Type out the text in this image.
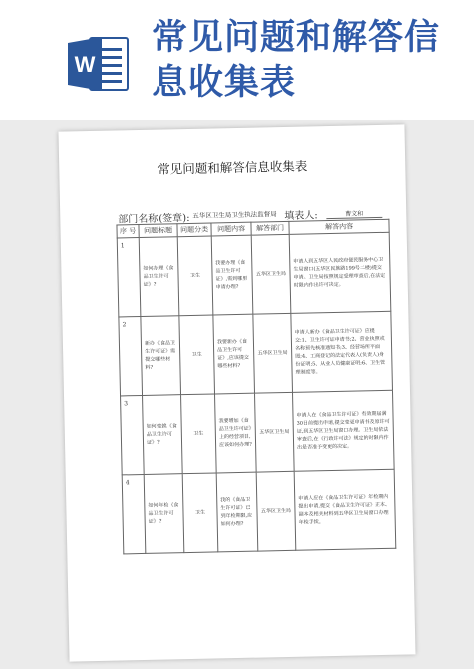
W
常见问题和解答信
息收集表
常见问题和解答信息收集表
部门名称(签章): 五华区卫生局卫生执法监督局 填表人:	曹文和
序 号	问题标题	问题分类	问题内容	解答部门	解答内容
1	如何办理《食品卫生许可证》?	卫生	我要办理《食品卫生许可证》,需到哪里申请办理?	五华区卫生局	申请人到五华区人民政府便民服务中心卫生局窗口(五华区民族路199号二楼)提交申请。卫生局按照规定受理审查后,在法定时限内作出许可决定。
2	新办《食品卫生许可证》需提交哪些材料?	卫生	我要新办《食品卫生许可证》,应该提交哪些材料?	五华区卫生局	申请人新办《食品卫生许可证》应提交:1、卫生许可证申请书;2、营业执照或名称预先核准通知书;3、经营场所平面图;4、工商登记的法定代表人(负责人)身份证明;5、从业人员健康证明;6、卫生管理制度等。
3	如何变换《食品卫生许可证》?	卫生	我要增加《食品卫生许可证》上的经营项目,应该如何办理?	五华区卫生局	申请人在《食品卫生许可证》有效期届满30日前提出申请,提交变更申请书及原许可证,到五华区卫生局窗口办理。卫生局依法审查后,在《行政许可法》规定的时限内作出是否准予变更的决定。
4	如何年检《食品卫生许可证》?	卫生	我的《食品卫生许可证》已到年检期限,应如何办理?	五华区卫生局	申请人应在《食品卫生许可证》年检期内提出申请,提交《食品卫生许可证》正本、副本及相关材料到五华区卫生局窗口办理年检手续。
